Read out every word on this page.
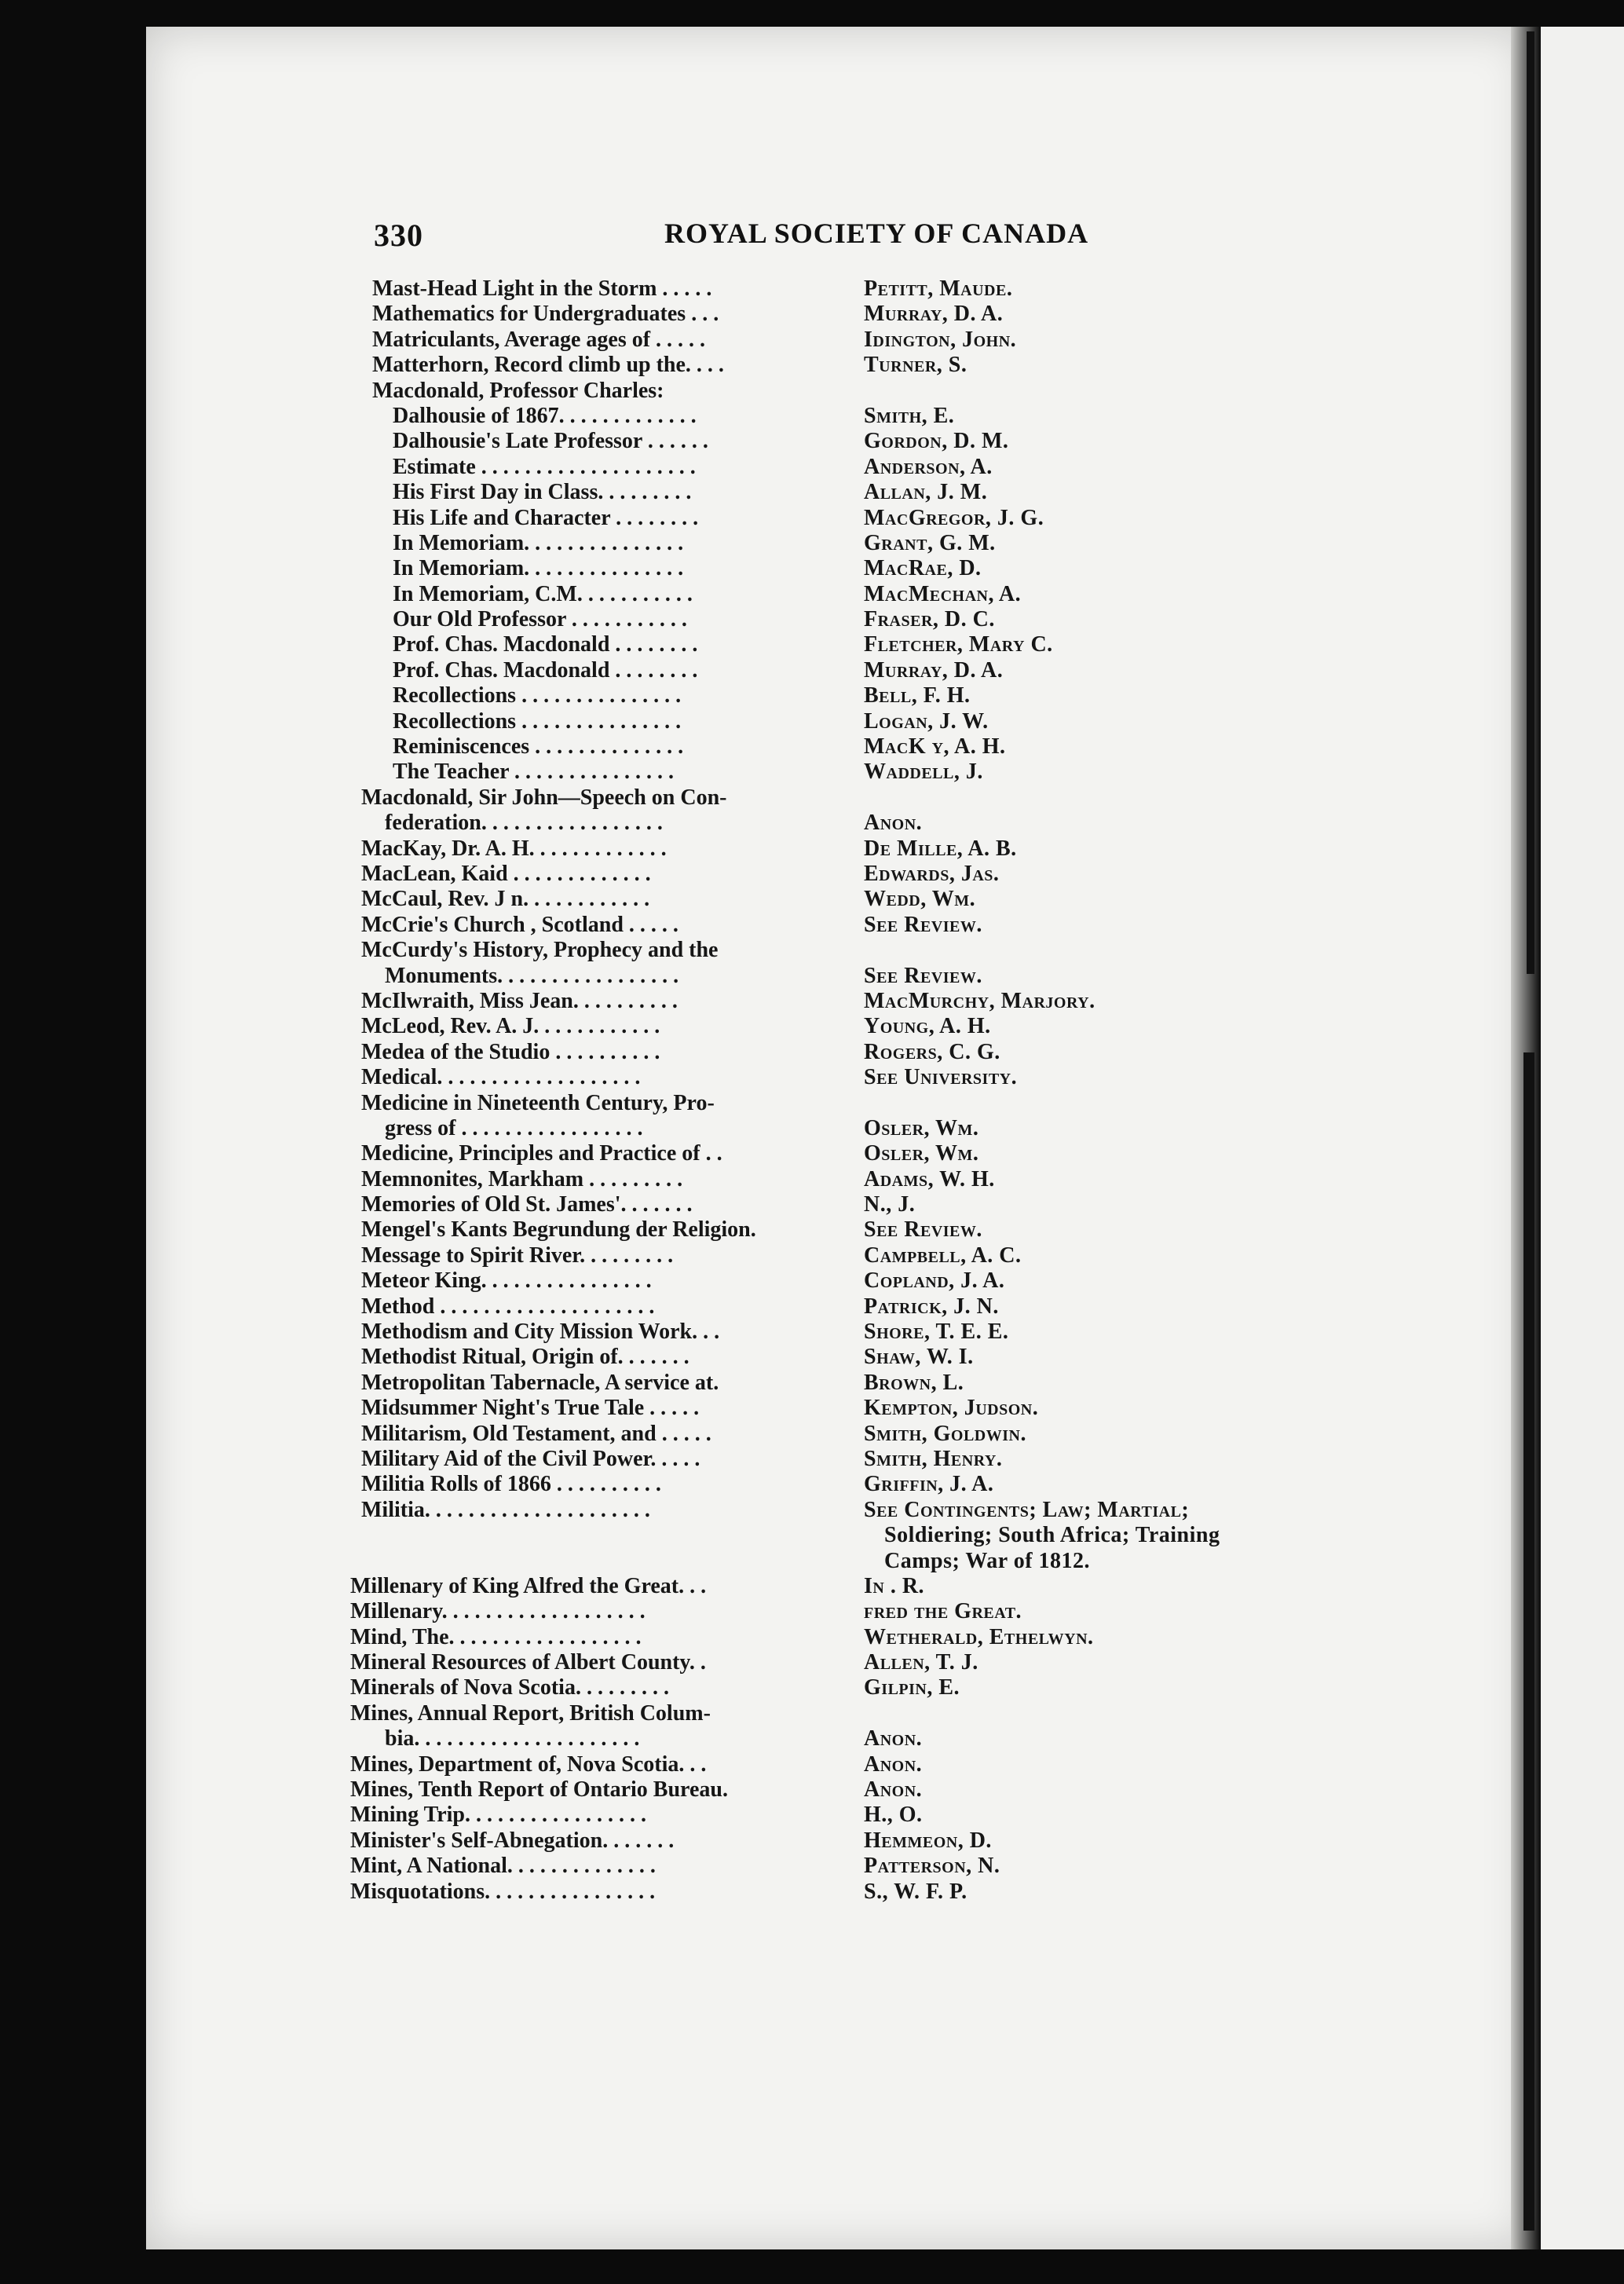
330	ROYAL SOCIETY OF CANADA
Mast-Head Light in the Storm . . . . .	Petitt, Maude.
Mathematics for Undergraduates . . .	Murray, D. A.
Matriculants, Average ages of . . . . .	Idington, John.
Matterhorn, Record climb up the. . . .	Turner, S.
Macdonald, Professor Charles:
Dalhousie of 1867. . . . . . . . . . . . .	Smith, E.
Dalhousie's Late Professor . . . . . .	Gordon, D. M.
Estimate . . . . . . . . . . . . . . . . . . . .	Anderson, A.
His First Day in Class. . . . . . . . .	Allan, J. M.
His Life and Character . . . . . . . .	MacGregor, J. G.
In Memoriam. . . . . . . . . . . . . . .	Grant, G. M.
In Memoriam. . . . . . . . . . . . . . .	MacRae, D.
In Memoriam, C.M. . . . . . . . . . .	MacMechan, A.
Our Old Professor . . . . . . . . . . .	Fraser, D. C.
Prof. Chas. Macdonald . . . . . . . .	Fletcher, Mary C.
Prof. Chas. Macdonald . . . . . . . .	Murray, D. A.
Recollections . . . . . . . . . . . . . . .	Bell, F. H.
Recollections . . . . . . . . . . . . . . .	Logan, J. W.
Reminiscences . . . . . . . . . . . . . .	MacK y, A. H.
The Teacher . . . . . . . . . . . . . . .	Waddell, J.
Macdonald, Sir John—Speech on Con-
federation. . . . . . . . . . . . . . . . .	Anon.
MacKay, Dr. A. H. . . . . . . . . . . . .	De Mille, A. B.
MacLean, Kaid . . . . . . . . . . . . .	Edwards, Jas.
McCaul, Rev. J n. . . . . . . . . . . .	Wedd, Wm.
McCrie's Church , Scotland . . . . .	See Review.
McCurdy's History, Prophecy and the
Monuments. . . . . . . . . . . . . . . . .	See Review.
McIlwraith, Miss Jean. . . . . . . . . .	MacMurchy, Marjory.
McLeod, Rev. A. J. . . . . . . . . . . .	Young, A. H.
Medea of the Studio . . . . . . . . . .	Rogers, C. G.
Medical. . . . . . . . . . . . . . . . . . .	See University.
Medicine in Nineteenth Century, Pro-
gress of . . . . . . . . . . . . . . . . .	Osler, Wm.
Medicine, Principles and Practice of . .	Osler, Wm.
Memnonites, Markham . . . . . . . . .	Adams, W. H.
Memories of Old St. James'. . . . . . .	N., J.
Mengel's Kants Begrundung der Religion.	See Review.
Message to Spirit River. . . . . . . . .	Campbell, A. C.
Meteor King. . . . . . . . . . . . . . . .	Copland, J. A.
Method . . . . . . . . . . . . . . . . . . . .	Patrick, J. N.
Methodism and City Mission Work. . .	Shore, T. E. E.
Methodist Ritual, Origin of. . . . . . .	Shaw, W. I.
Metropolitan Tabernacle, A service at.	Brown, L.
Midsummer Night's True Tale . . . . .	Kempton, Judson.
Militarism, Old Testament, and . . . . .	Smith, Goldwin.
Military Aid of the Civil Power. . . . .	Smith, Henry.
Militia Rolls of 1866 . . . . . . . . . .	Griffin, J. A.
Militia. . . . . . . . . . . . . . . . . . . . .	See Contingents; Law; Martial;
Soldiering; South Africa; Training
Camps; War of 1812.
Millenary of King Alfred the Great. . .	In . R.
Millenary. . . . . . . . . . . . . . . . . . .	fred the Great.
Mind, The. . . . . . . . . . . . . . . . . .	Wetherald, Ethelwyn.
Mineral Resources of Albert County. .	Allen, T. J.
Minerals of Nova Scotia. . . . . . . . .	Gilpin, E.
Mines, Annual Report, British Colum-
bia. . . . . . . . . . . . . . . . . . . . .	Anon.
Mines, Department of, Nova Scotia. . .	Anon.
Mines, Tenth Report of Ontario Bureau.	Anon.
Mining Trip. . . . . . . . . . . . . . . . .	H., O.
Minister's Self-Abnegation. . . . . . .	Hemmeon, D.
Mint, A National. . . . . . . . . . . . . .	Patterson, N.
Misquotations. . . . . . . . . . . . . . . .	S., W. F. P.
